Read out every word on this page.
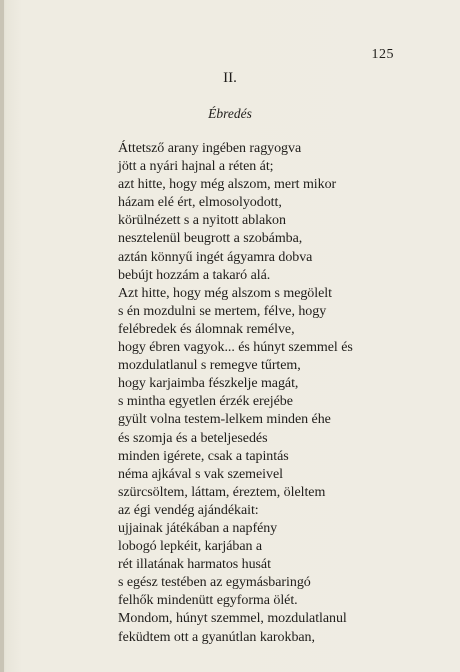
125
II.
Ébredés
Áttetsző arany ingében ragyogva
jött a nyári hajnal a réten át;
azt hitte, hogy még alszom, mert mikor
házam elé ért, elmosolyodott,
körülnézett s a nyitott ablakon
nesztelenül beugrott a szobámba,
aztán könnyű ingét ágyamra dobva
bebújt hozzám a takaró alá.
Azt hitte, hogy még alszom s megölelt
s én mozdulni se mertem, félve, hogy
felébredek és álomnak remélve,
hogy ébren vagyok... és húnyt szemmel és
mozdulatlanul s remegve tűrtem,
hogy karjaimba fészkelje magát,
s mintha egyetlen érzék erejébe
gyült volna testem-lelkem minden éhe
és szomja és a beteljesedés
minden igérete, csak a tapintás
néma ajkával s vak szemeivel
szürcsöltem, láttam, éreztem, öleltem
az égi vendég ajándékait:
ujjainak játékában a napfény
lobogó lepkéit, karjában a
rét illatának harmatos husát
s egész testében az egymásbaringó
felhők mindenütt egyforma ölét.
Mondom, húnyt szemmel, mozdulatlanul
feküdtem ott a gyanútlan karokban,
